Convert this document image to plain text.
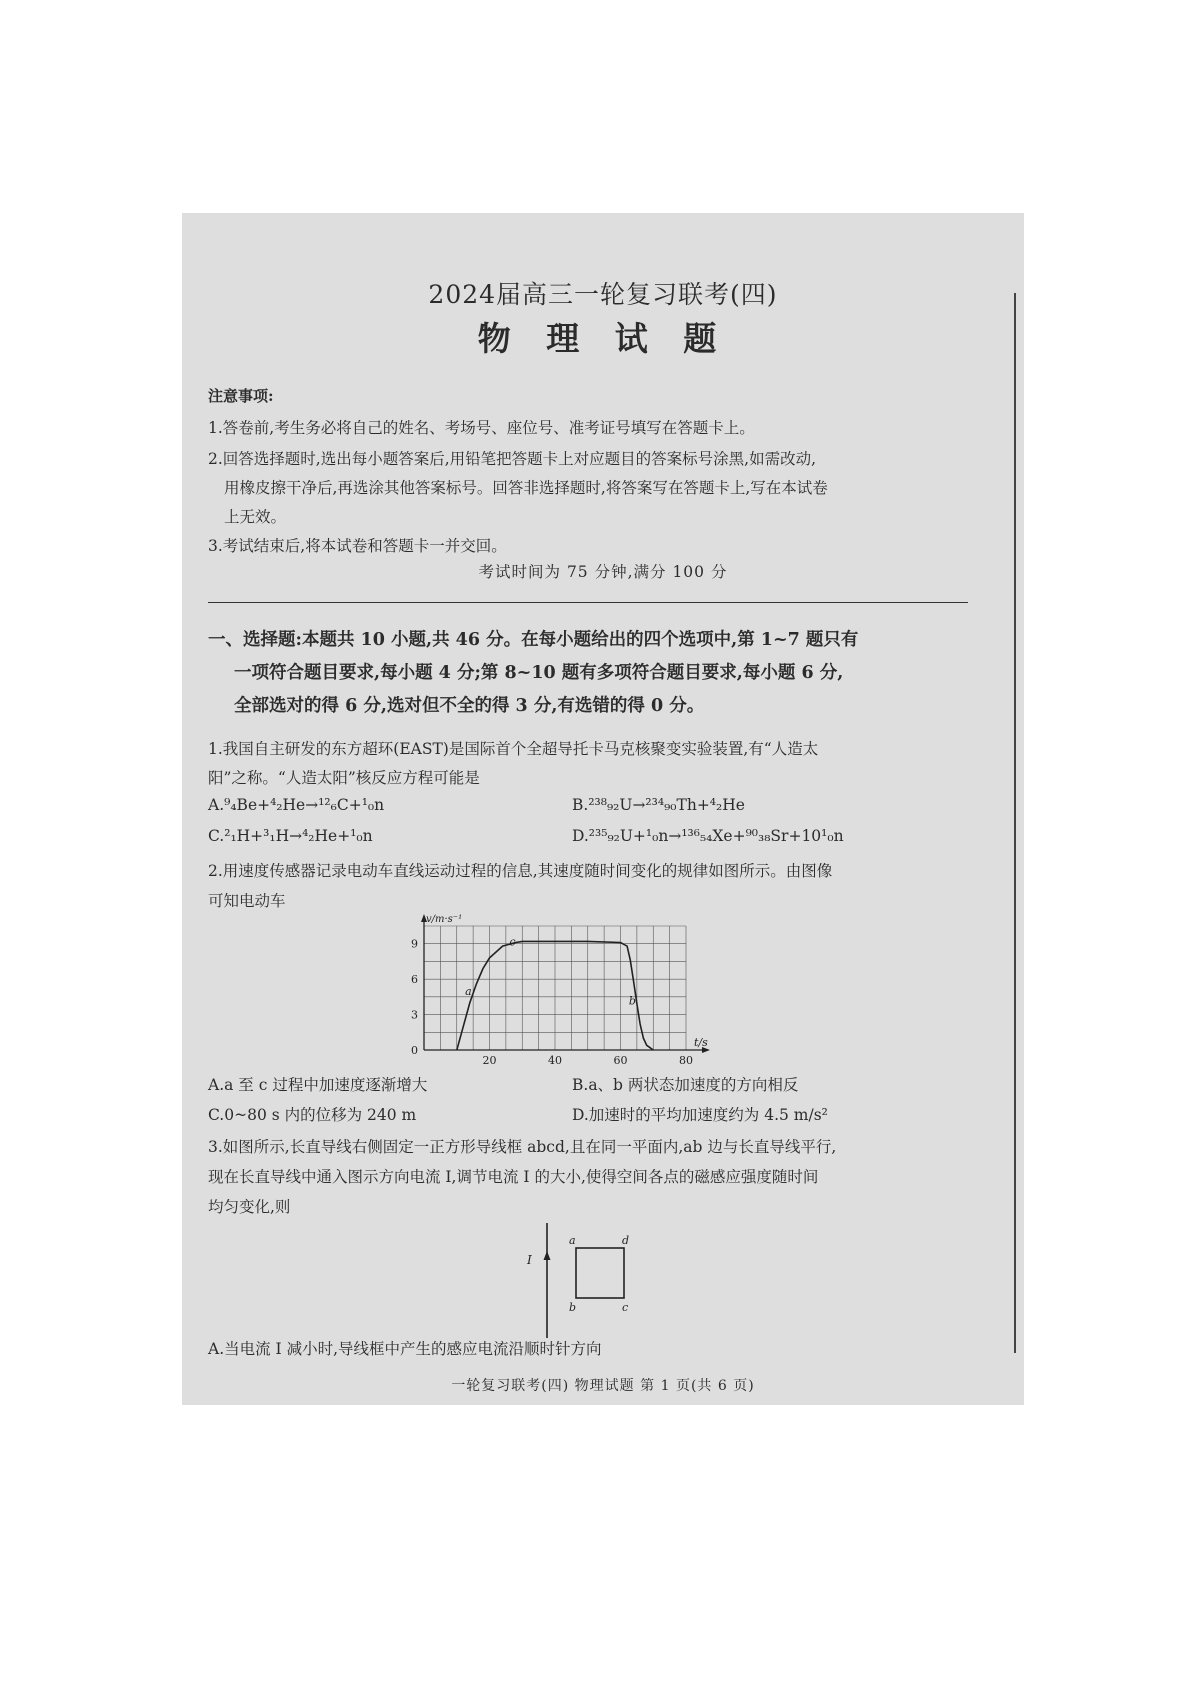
2024届高三一轮复习联考(四)
物 理 试 题
注意事项:
1.答卷前,考生务必将自己的姓名、考场号、座位号、准考证号填写在答题卡上。
2.回答选择题时,选出每小题答案后,用铅笔把答题卡上对应题目的答案标号涂黑,如需改动,
用橡皮擦干净后,再选涂其他答案标号。回答非选择题时,将答案写在答题卡上,写在本试卷
上无效。
3.考试结束后,将本试卷和答题卡一并交回。
考试时间为 75 分钟,满分 100 分
一、选择题:本题共 10 小题,共 46 分。在每小题给出的四个选项中,第 1~7 题只有
一项符合题目要求,每小题 4 分;第 8~10 题有多项符合题目要求,每小题 6 分,
全部选对的得 6 分,选对但不全的得 3 分,有选错的得 0 分。
1.我国自主研发的东方超环(EAST)是国际首个全超导托卡马克核聚变实验装置,有“人造太
阳”之称。“人造太阳”核反应方程可能是
A.⁹₄Be+⁴₂He→¹²₆C+¹₀n	B.²³⁸₉₂U→²³⁴₉₀Th+⁴₂He
C.²₁H+³₁H→⁴₂He+¹₀n	D.²³⁵₉₂U+¹₀n→¹³⁶₅₄Xe+⁹⁰₃₈Sr+10¹₀n
2.用速度传感器记录电动车直线运动过程的信息,其速度随时间变化的规律如图所示。由图像
可知电动车
20	40	60	80
0
3
6
9
v/m·s⁻¹
t/s
a
c
b
A.a 至 c 过程中加速度逐渐增大	B.a、b 两状态加速度的方向相反
C.0~80 s 内的位移为 240 m	D.加速时的平均加速度约为 4.5 m/s²
3.如图所示,长直导线右侧固定一正方形导线框 abcd,且在同一平面内,ab 边与长直导线平行,
现在长直导线中通入图示方向电流 I,调节电流 I 的大小,使得空间各点的磁感应强度随时间
均匀变化,则
I
a	d
b	c
A.当电流 I 减小时,导线框中产生的感应电流沿顺时针方向
一轮复习联考(四) 物理试题 第 1 页(共 6 页)
